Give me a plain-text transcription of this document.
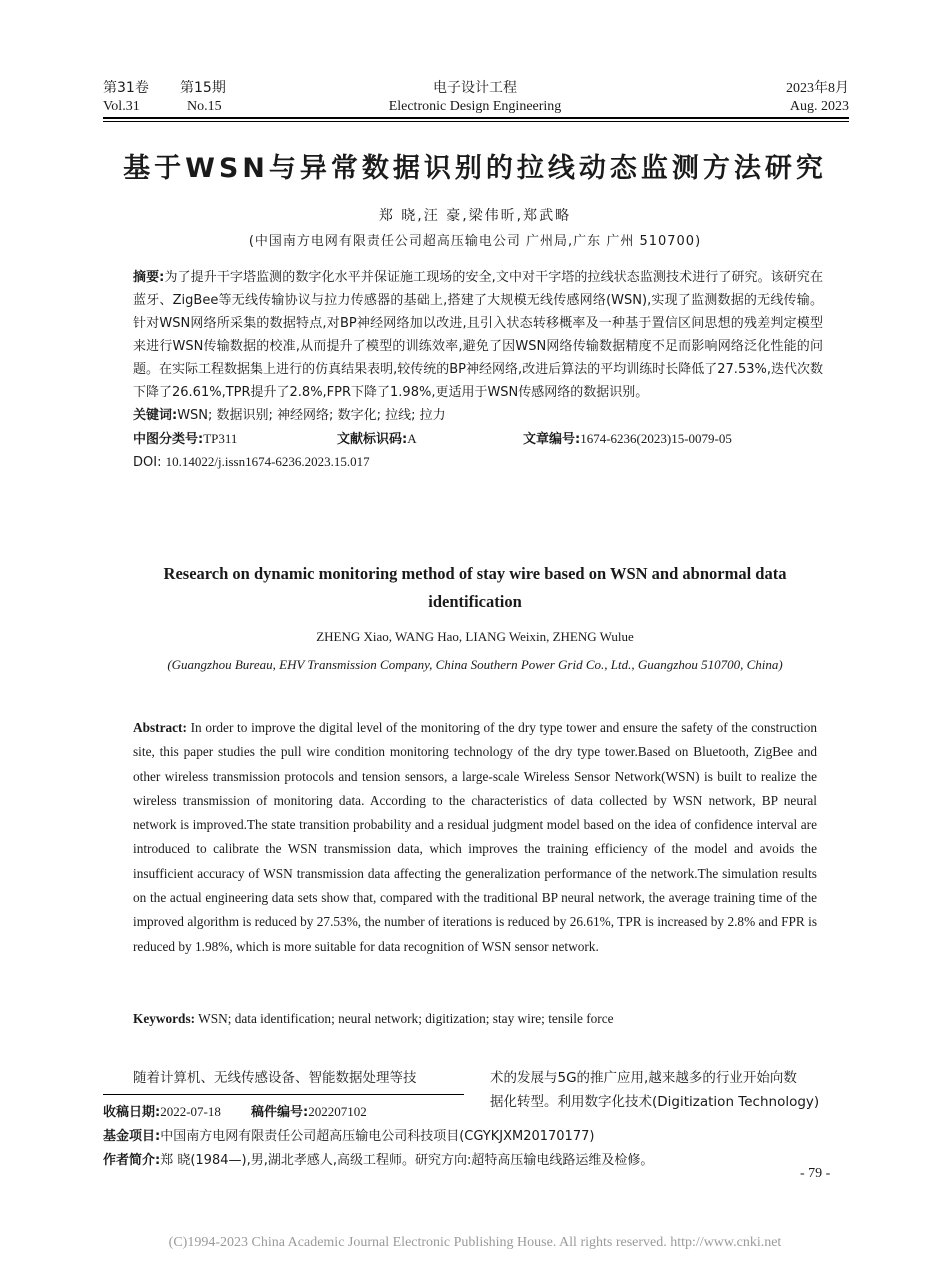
第31卷 第15期	电子设计工程	2023年8月
Vol.31	No.15	Electronic Design Engineering	Aug. 2023
基于WSN与异常数据识别的拉线动态监测方法研究
郑 晓,汪 豪,梁伟昕,郑武略
(中国南方电网有限责任公司超高压输电公司 广州局,广东 广州 510700)
摘要:为了提升干字塔监测的数字化水平并保证施工现场的安全,文中对干字塔的拉线状态监测技术进行了研究。该研究在蓝牙、ZigBee等无线传输协议与拉力传感器的基础上,搭建了大规模无线传感网络(WSN),实现了监测数据的无线传输。针对WSN网络所采集的数据特点,对BP神经网络加以改进,且引入状态转移概率及一种基于置信区间思想的残差判定模型来进行WSN传输数据的校准,从而提升了模型的训练效率,避免了因WSN网络传输数据精度不足而影响网络泛化性能的问题。在实际工程数据集上进行的仿真结果表明,较传统的BP神经网络,改进后算法的平均训练时长降低了27.53%,迭代次数下降了26.61%,TPR提升了2.8%,FPR下降了1.98%,更适用于WSN传感网络的数据识别。
关键词:WSN; 数据识别; 神经网络; 数字化; 拉线; 拉力
中图分类号:TP311	文献标识码:A	文章编号:1674-6236(2023)15-0079-05
DOI: 10.14022/j.issn1674-6236.2023.15.017
Research on dynamic monitoring method of stay wire based on WSN and abnormal data identification
ZHENG Xiao, WANG Hao, LIANG Weixin, ZHENG Wulue
(Guangzhou Bureau, EHV Transmission Company, China Southern Power Grid Co., Ltd., Guangzhou 510700, China)
Abstract: In order to improve the digital level of the monitoring of the dry type tower and ensure the safety of the construction site, this paper studies the pull wire condition monitoring technology of the dry type tower.Based on Bluetooth, ZigBee and other wireless transmission protocols and tension sensors, a large-scale Wireless Sensor Network(WSN) is built to realize the wireless transmission of monitoring data. According to the characteristics of data collected by WSN network, BP neural network is improved.The state transition probability and a residual judgment model based on the idea of confidence interval are introduced to calibrate the WSN transmission data, which improves the training efficiency of the model and avoids the insufficient accuracy of WSN transmission data affecting the generalization performance of the network.The simulation results on the actual engineering data sets show that, compared with the traditional BP neural network, the average training time of the improved algorithm is reduced by 27.53%, the number of iterations is reduced by 26.61%, TPR is increased by 2.8% and FPR is reduced by 1.98%, which is more suitable for data recognition of WSN sensor network.
Keywords: WSN; data identification; neural network; digitization; stay wire; tensile force
随着计算机、无线传感设备、智能数据处理等技	术的发展与5G的推广应用,越来越多的行业开始向数
据化转型。利用数字化技术(Digitization Technology)
收稿日期:2022-07-18 稿件编号:202207102
基金项目:中国南方电网有限责任公司超高压输电公司科技项目(CGYKJXM20170177)
作者简介:郑 晓(1984—),男,湖北孝感人,高级工程师。研究方向:超特高压输电线路运维及检修。
- 79 -
(C)1994-2023 China Academic Journal Electronic Publishing House. All rights reserved. http://www.cnki.net
